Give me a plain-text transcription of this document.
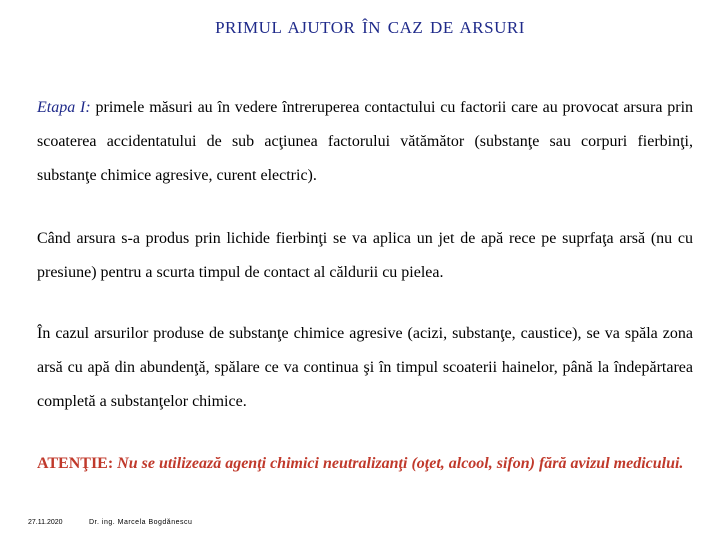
PRIMUL AJUTOR ÎN CAZ DE ARSURI

Etapa I: primele măsuri au în vedere întreruperea contactului cu factorii care au provocat arsura prin scoaterea accidentatului de sub acţiunea factorului vătămător (substanţe sau corpuri fierbinţi, substanţe chimice agresive, curent electric).

Când arsura s-a produs prin lichide fierbinţi se va aplica un jet de apă rece pe suprfaţa arsă (nu cu presiune) pentru a scurta timpul de contact al căldurii cu pielea.

În cazul arsurilor produse de substanţe chimice agresive (acizi, substanţe, caustice), se va spăla zona arsă cu apă din abundenţă, spălare ce va continua şi în timpul scoaterii hainelor, până la îndepărtarea completă a substanţelor chimice.

ATENŢIE: Nu se utilizează agenţi chimici neutralizanţi (oţet, alcool, sifon) fără avizul medicului.

27.11.2020	Dr. ing. Marcela Bogdănescu
